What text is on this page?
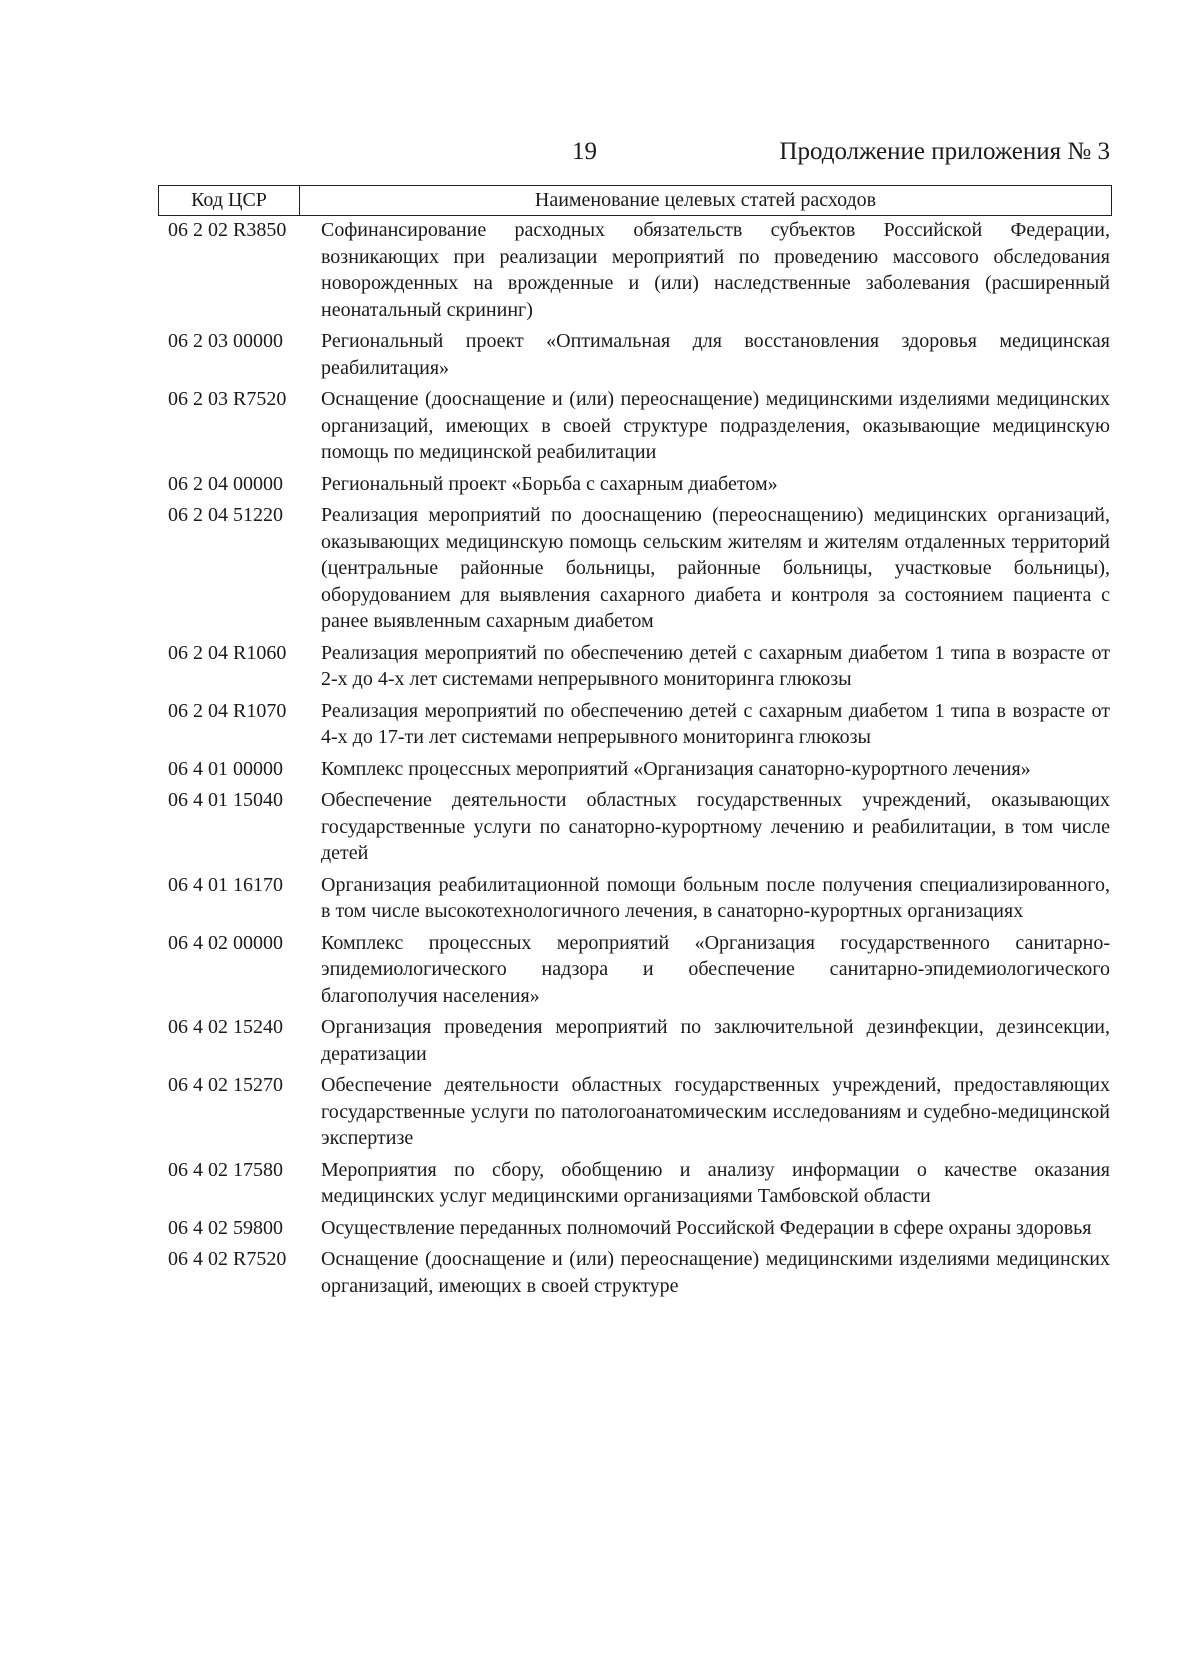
19	Продолжение приложения № 3
Код ЦСР	Наименование целевых статей расходов
06 2 02 R3850	Софинансирование расходных обязательств субъектов Российской Федерации, возникающих при реализации мероприятий по проведению массового обследования новорожденных на врожденные и (или) наследственные заболевания (расширенный неонатальный скрининг)
06 2 03 00000	Региональный проект «Оптимальная для восстановления здоровья медицинская реабилитация»
06 2 03 R7520	Оснащение (дооснащение и (или) переоснащение) медицинскими изделиями медицинских организаций, имеющих в своей структуре подразделения, оказывающие медицинскую помощь по медицинской реабилитации
06 2 04 00000	Региональный проект «Борьба с сахарным диабетом»
06 2 04 51220	Реализация мероприятий по дооснащению (переоснащению) медицинских организаций, оказывающих медицинскую помощь сельским жителям и жителям отдаленных территорий (центральные районные больницы, районные больницы, участковые больницы), оборудованием для выявления сахарного диабета и контроля за состоянием пациента с ранее выявленным сахарным диабетом
06 2 04 R1060	Реализация мероприятий по обеспечению детей с сахарным диабетом 1 типа в возрасте от 2-х до 4-х лет системами непрерывного мониторинга глюкозы
06 2 04 R1070	Реализация мероприятий по обеспечению детей с сахарным диабетом 1 типа в возрасте от 4-х до 17-ти лет системами непрерывного мониторинга глюкозы
06 4 01 00000	Комплекс процессных мероприятий «Организация санаторно-курортного лечения»
06 4 01 15040	Обеспечение деятельности областных государственных учреждений, оказывающих государственные услуги по санаторно-курортному лечению и реабилитации, в том числе детей
06 4 01 16170	Организация реабилитационной помощи больным после получения специализированного, в том числе высокотехнологичного лечения, в санаторно-курортных организациях
06 4 02 00000	Комплекс процессных мероприятий «Организация государственного санитарно-эпидемиологического надзора и обеспечение санитарно-эпидемиологического благополучия населения»
06 4 02 15240	Организация проведения мероприятий по заключительной дезинфекции, дезинсекции, дератизации
06 4 02 15270	Обеспечение деятельности областных государственных учреждений, предоставляющих государственные услуги по патологоанатомическим исследованиям и судебно-медицинской экспертизе
06 4 02 17580	Мероприятия по сбору, обобщению и анализу информации о качестве оказания медицинских услуг медицинскими организациями Тамбовской области
06 4 02 59800	Осуществление переданных полномочий Российской Федерации в сфере охраны здоровья
06 4 02 R7520	Оснащение (дооснащение и (или) переоснащение) медицинскими изделиями медицинских организаций, имеющих в своей структуре
